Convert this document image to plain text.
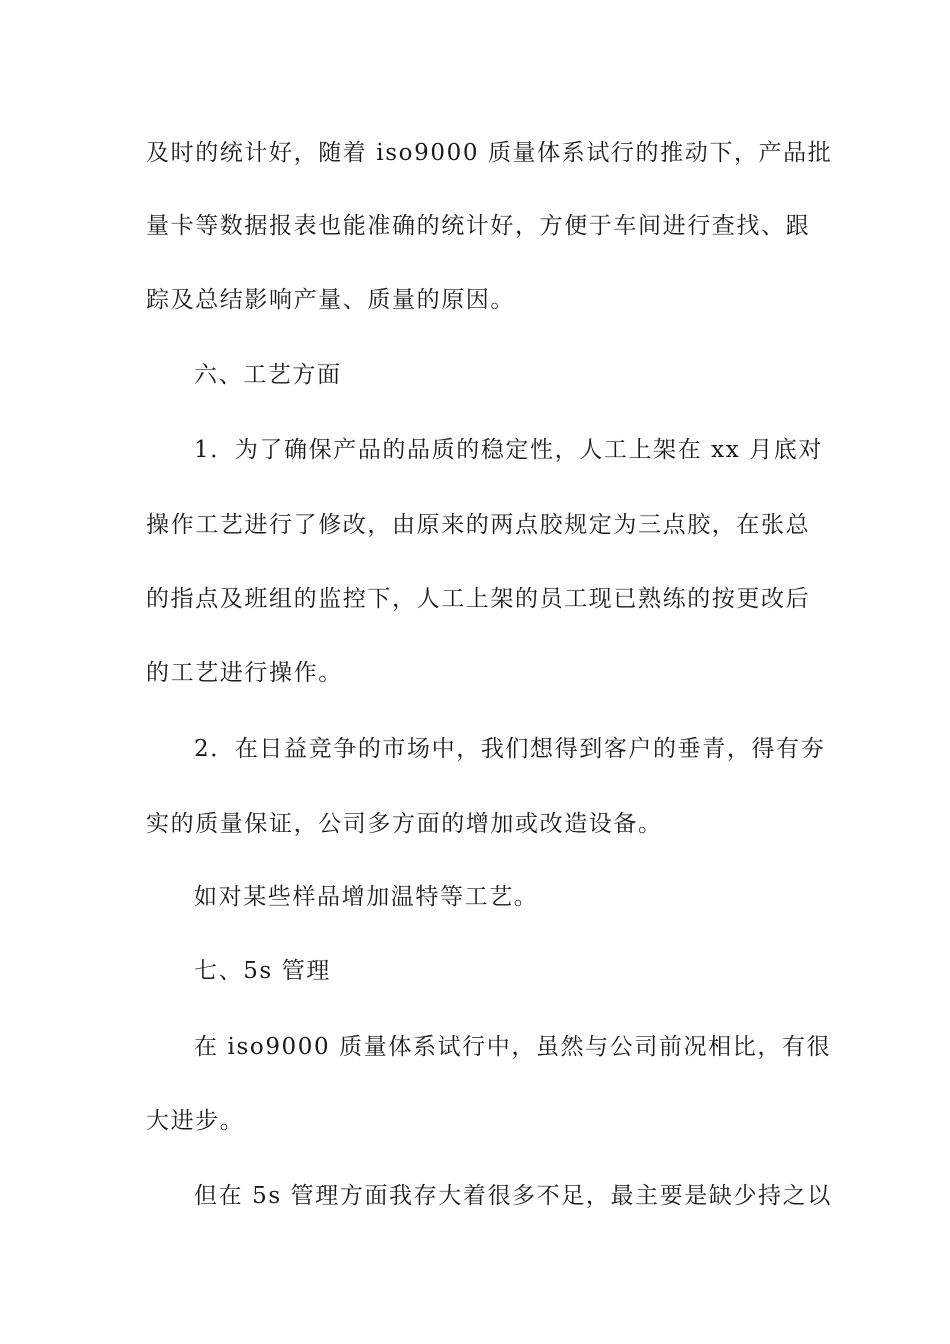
及时的统计好，随着 iso9000 质量体系试行的推动下，产品批
量卡等数据报表也能准确的统计好，方便于车间进行查找、跟
踪及总结影响产量、质量的原因。
六、工艺方面
1．为了确保产品的品质的稳定性，人工上架在 xx 月底对
操作工艺进行了修改，由原来的两点胶规定为三点胶，在张总
的指点及班组的监控下，人工上架的员工现已熟练的按更改后
的工艺进行操作。
2．在日益竞争的市场中，我们想得到客户的垂青，得有夯
实的质量保证，公司多方面的增加或改造设备。
如对某些样品增加温特等工艺。
七、5s 管理
在 iso9000 质量体系试行中，虽然与公司前况相比，有很
大进步。
但在 5s 管理方面我存大着很多不足，最主要是缺少持之以
